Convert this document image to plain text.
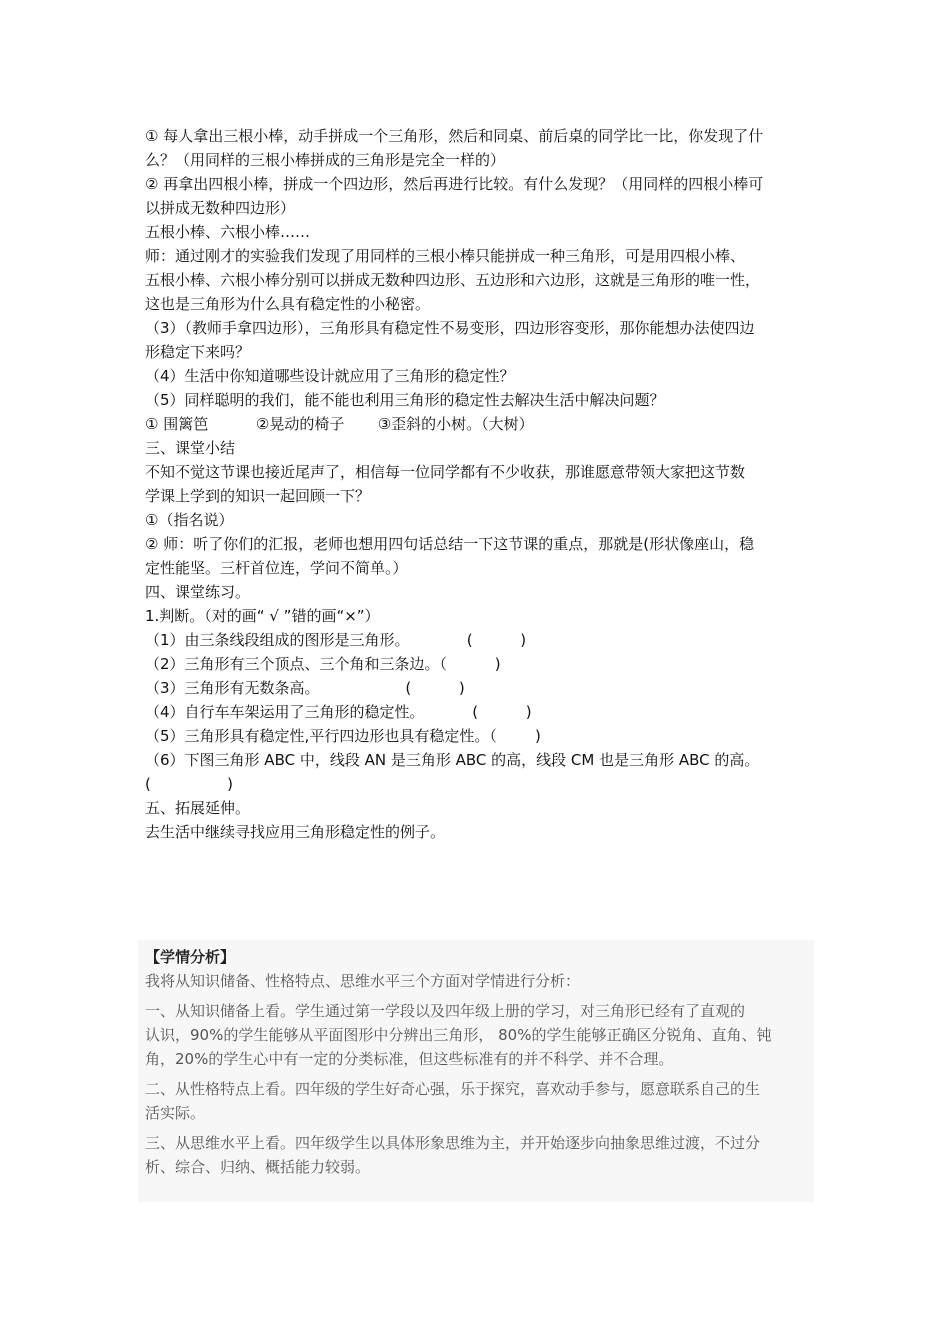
① 每人拿出三根小棒，动手拼成一个三角形，然后和同桌、前后桌的同学比一比，你发现了什
么？（用同样的三根小棒拼成的三角形是完全一样的）
② 再拿出四根小棒，拼成一个四边形，然后再进行比较。有什么发现？（用同样的四根小棒可
以拼成无数种四边形）
五根小棒、六根小棒……
师：通过刚才的实验我们发现了用同样的三根小棒只能拼成一种三角形，可是用四根小棒、
五根小棒、六根小棒分别可以拼成无数种四边形、五边形和六边形，这就是三角形的唯一性，
这也是三角形为什么具有稳定性的小秘密。
（3）（教师手拿四边形），三角形具有稳定性不易变形，四边形容变形，那你能想办法使四边
形稳定下来吗？
（4）生活中你知道哪些设计就应用了三角形的稳定性？
（5）同样聪明的我们，能不能也利用三角形的稳定性去解决生活中解决问题？
① 围篱笆          ②晃动的椅子       ③歪斜的小树。（大树）
三、课堂小结
不知不觉这节课也接近尾声了，相信每一位同学都有不少收获，那谁愿意带领大家把这节数
学课上学到的知识一起回顾一下？
①（指名说）
② 师：听了你们的汇报，老师也想用四句话总结一下这节课的重点，那就是(形状像座山，稳
定性能坚。三杆首位连，学问不简单。）
四、课堂练习。
1.判断。（对的画“ √ ”错的画“×”）
（1）由三条线段组成的图形是三角形。            (          )
（2）三角形有三个顶点、三个角和三条边。（          )
（3）三角形有无数条高。                  (          )
（4）自行车车架运用了三角形的稳定性。          (          )
（5）三角形具有稳定性,平行四边形也具有稳定性。（        )
（6）下图三角形 ABC 中，线段 AN 是三角形 ABC 的高，线段 CM 也是三角形 ABC 的高。
(                )
五、拓展延伸。
去生活中继续寻找应用三角形稳定性的例子。
【学情分析】
我将从知识储备、性格特点、思维水平三个方面对学情进行分析：
一、从知识储备上看。学生通过第一学段以及四年级上册的学习，对三角形已经有了直观的
认识，90%的学生能够从平面图形中分辨出三角形， 80%的学生能够正确区分锐角、直角、钝
角，20%的学生心中有一定的分类标准，但这些标准有的并不科学、并不合理。
二、从性格特点上看。四年级的学生好奇心强，乐于探究，喜欢动手参与，愿意联系自己的生
活实际。
三、从思维水平上看。四年级学生以具体形象思维为主，并开始逐步向抽象思维过渡，不过分
析、综合、归纳、概括能力较弱。
